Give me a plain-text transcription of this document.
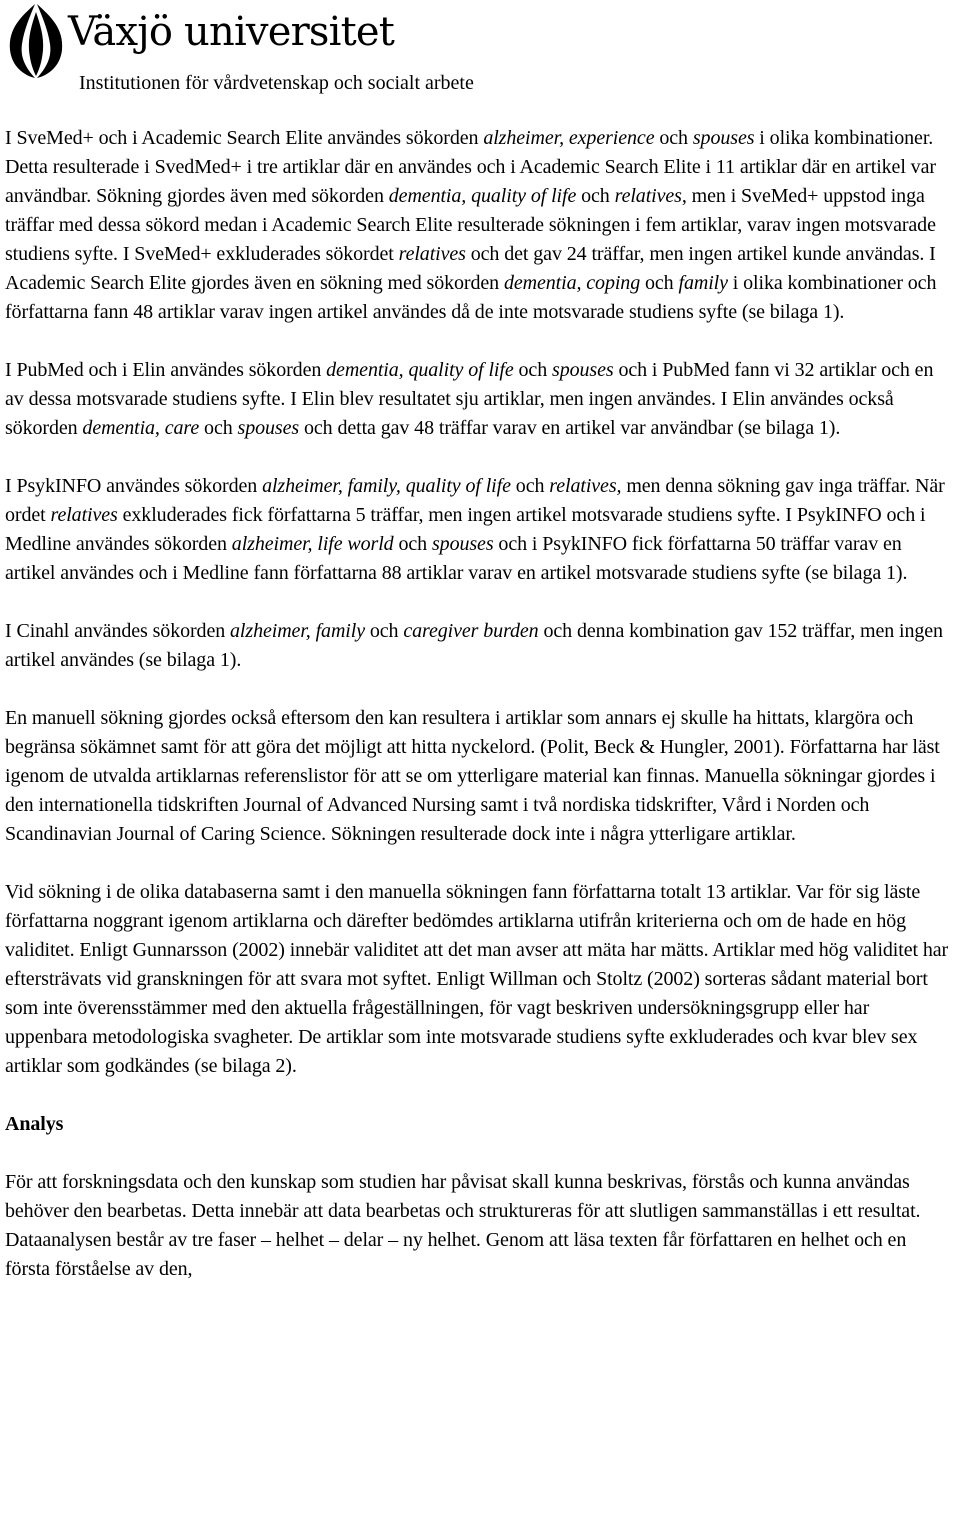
Växjö universitet
Institutionen för vårdvetenskap och socialt arbete

I SveMed+ och i Academic Search Elite användes sökorden alzheimer, experience och spouses i olika kombinationer. Detta resulterade i SvedMed+ i tre artiklar där en användes och i Academic Search Elite i 11 artiklar där en artikel var användbar. Sökning gjordes även med sökorden dementia, quality of life och relatives, men i SveMed+ uppstod inga träffar med dessa sökord medan i Academic Search Elite resulterade sökningen i fem artiklar, varav ingen motsvarade studiens syfte. I SveMed+ exkluderades sökordet relatives och det gav 24 träffar, men ingen artikel kunde användas. I Academic Search Elite gjordes även en sökning med sökorden dementia, coping och family i olika kombinationer och författarna fann 48 artiklar varav ingen artikel användes då de inte motsvarade studiens syfte (se bilaga 1).

I PubMed och i Elin användes sökorden dementia, quality of life och spouses och i PubMed fann vi 32 artiklar och en av dessa motsvarade studiens syfte. I Elin blev resultatet sju artiklar, men ingen användes. I Elin användes också sökorden dementia, care och spouses och detta gav 48 träffar varav en artikel var användbar (se bilaga 1).

I PsykINFO användes sökorden alzheimer, family, quality of life och relatives, men denna sökning gav inga träffar. När ordet relatives exkluderades fick författarna 5 träffar, men ingen artikel motsvarade studiens syfte. I PsykINFO och i Medline användes sökorden alzheimer, life world och spouses och i PsykINFO fick författarna 50 träffar varav en artikel användes och i Medline fann författarna 88 artiklar varav en artikel motsvarade studiens syfte (se bilaga 1).

I Cinahl användes sökorden alzheimer, family och caregiver burden och denna kombination gav 152 träffar, men ingen artikel användes (se bilaga 1).

En manuell sökning gjordes också eftersom den kan resultera i artiklar som annars ej skulle ha hittats, klargöra och begränsa sökämnet samt för att göra det möjligt att hitta nyckelord. (Polit, Beck & Hungler, 2001). Författarna har läst igenom de utvalda artiklarnas referenslistor för att se om ytterligare material kan finnas. Manuella sökningar gjordes i den internationella tidskriften Journal of Advanced Nursing samt i två nordiska tidskrifter, Vård i Norden och Scandinavian Journal of Caring Science. Sökningen resulterade dock inte i några ytterligare artiklar.

Vid sökning i de olika databaserna samt i den manuella sökningen fann författarna totalt 13 artiklar. Var för sig läste författarna noggrant igenom artiklarna och därefter bedömdes artiklarna utifrån kriterierna och om de hade en hög validitet. Enligt Gunnarsson (2002) innebär validitet att det man avser att mäta har mätts. Artiklar med hög validitet har eftersträvats vid granskningen för att svara mot syftet. Enligt Willman och Stoltz (2002) sorteras sådant material bort som inte överensstämmer med den aktuella frågeställningen, för vagt beskriven undersökningsgrupp eller har uppenbara metodologiska svagheter. De artiklar som inte motsvarade studiens syfte exkluderades och kvar blev sex artiklar som godkändes (se bilaga 2).

Analys

För att forskningsdata och den kunskap som studien har påvisat skall kunna beskrivas, förstås och kunna användas behöver den bearbetas. Detta innebär att data bearbetas och struktureras för att slutligen sammanställas i ett resultat. Dataanalysen består av tre faser – helhet – delar – ny helhet. Genom att läsa texten får författaren en helhet och en första förståelse av den,
